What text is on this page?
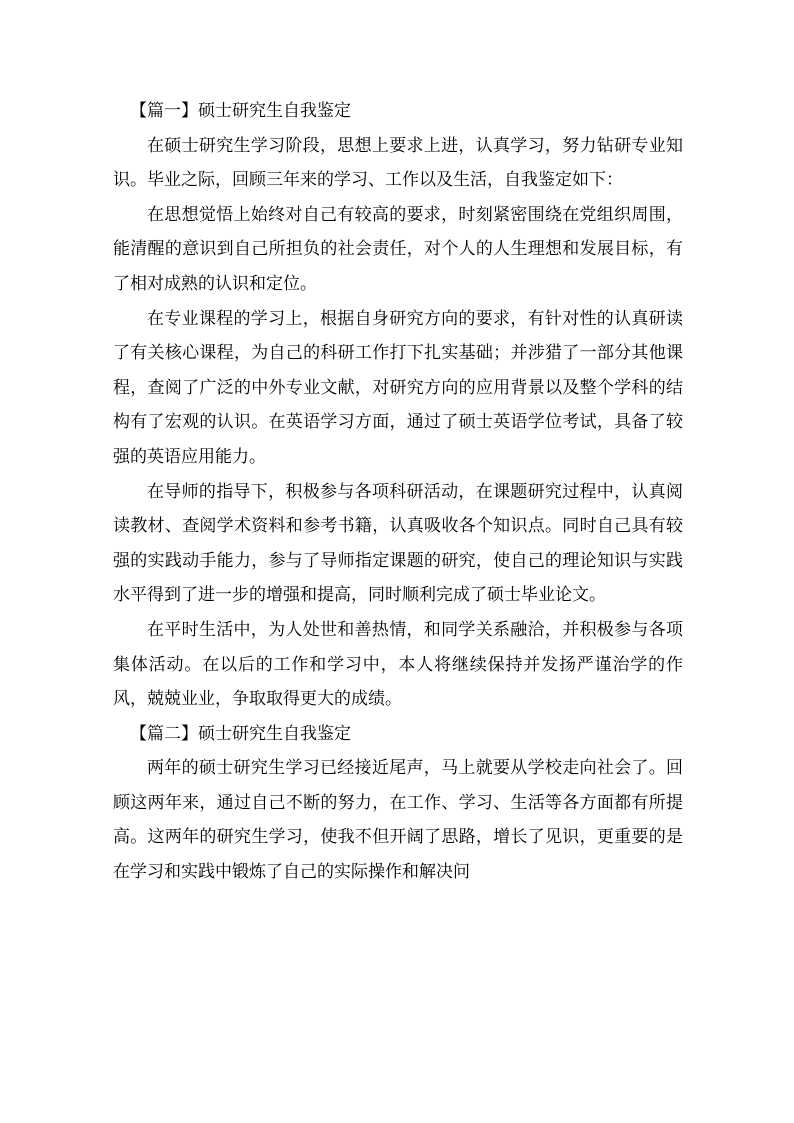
【篇一】硕士研究生自我鉴定

在硕士研究生学习阶段，思想上要求上进，认真学习，努力钻研专业知识。毕业之际，回顾三年来的学习、工作以及生活，自我鉴定如下：

在思想觉悟上始终对自己有较高的要求，时刻紧密围绕在党组织周围，能清醒的意识到自己所担负的社会责任，对个人的人生理想和发展目标，有了相对成熟的认识和定位。

在专业课程的学习上，根据自身研究方向的要求，有针对性的认真研读了有关核心课程，为自己的科研工作打下扎实基础；并涉猎了一部分其他课程，查阅了广泛的中外专业文献，对研究方向的应用背景以及整个学科的结构有了宏观的认识。在英语学习方面，通过了硕士英语学位考试，具备了较强的英语应用能力。

在导师的指导下，积极参与各项科研活动，在课题研究过程中，认真阅读教材、查阅学术资料和参考书籍，认真吸收各个知识点。同时自己具有较强的实践动手能力，参与了导师指定课题的研究，使自己的理论知识与实践水平得到了进一步的增强和提高，同时顺利完成了硕士毕业论文。

在平时生活中，为人处世和善热情，和同学关系融洽，并积极参与各项集体活动。在以后的工作和学习中，本人将继续保持并发扬严谨治学的作风，兢兢业业，争取取得更大的成绩。

【篇二】硕士研究生自我鉴定

两年的硕士研究生学习已经接近尾声，马上就要从学校走向社会了。回顾这两年来，通过自己不断的努力，在工作、学习、生活等各方面都有所提高。这两年的研究生学习，使我不但开阔了思路，增长了见识，更重要的是在学习和实践中锻炼了自己的实际操作和解决问
